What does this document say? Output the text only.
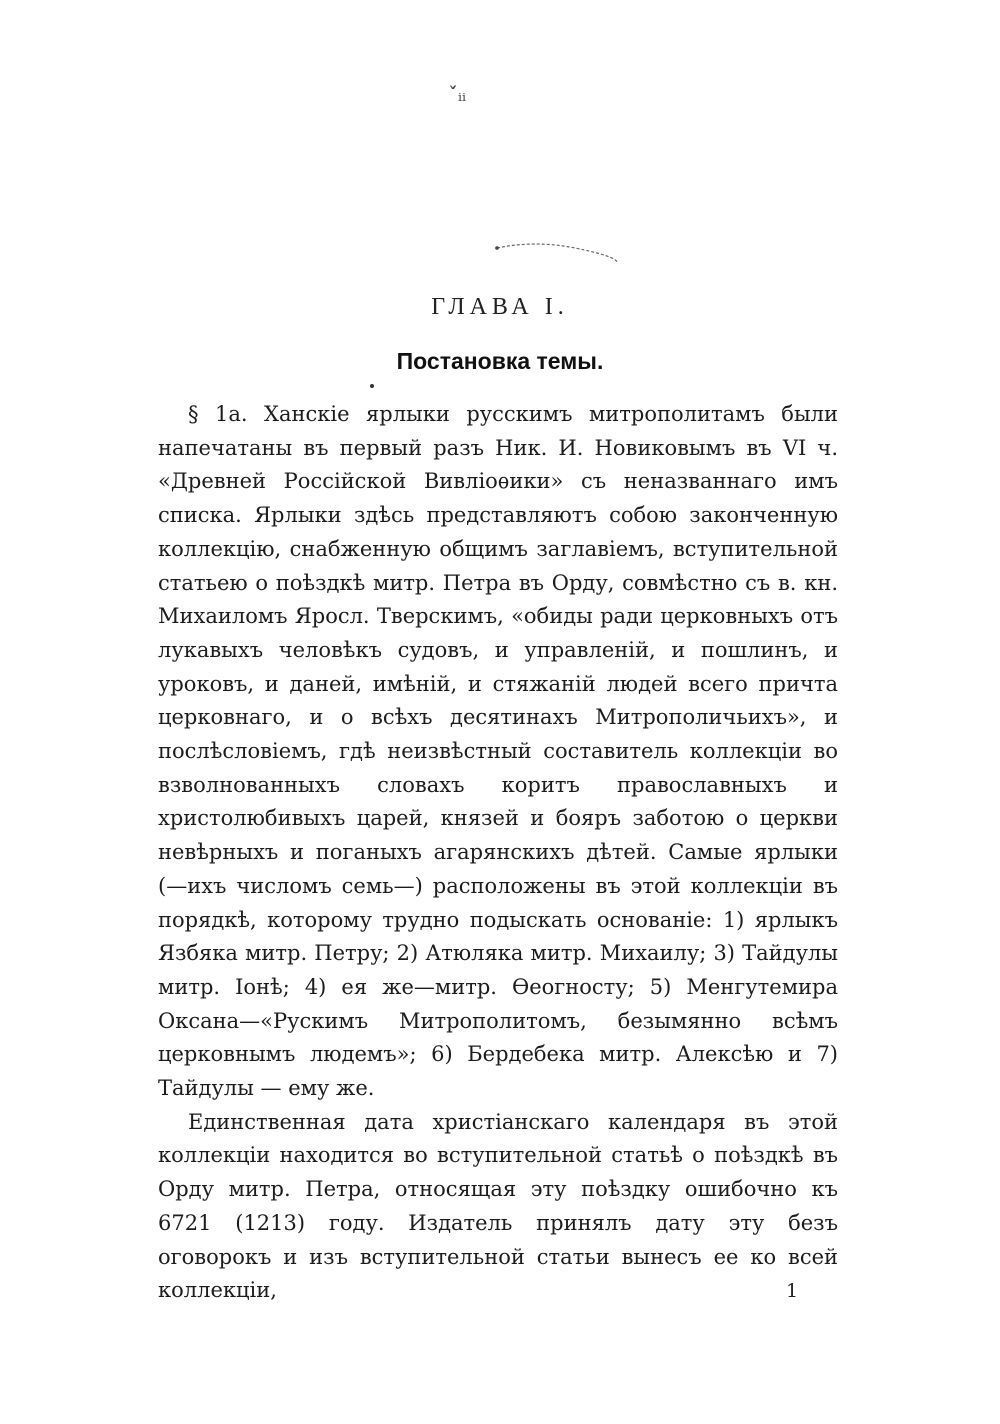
ˇ́ᵢᵢ
ГЛАВА I.
Постановка темы.

§ 1а. Ханскіе ярлыки русскимъ митрополитамъ были напечатаны въ первый разъ Ник. И. Новиковымъ въ VI ч. «Древней Россійской Вивліоѳики» съ неназваннаго имъ списка. Ярлыки здѣсь представляютъ собою законченную коллекцію, снабженную общимъ заглавіемъ, вступительной статьею о поѣздкѣ митр. Петра въ Орду, совмѣстно съ в. кн. Михаиломъ Яросл. Тверскимъ, «обиды ради церковныхъ отъ лукавыхъ человѣкъ судовъ, и управленій, и пошлинъ, и уроковъ, и даней, имѣній, и стяжаній людей всего причта церковнаго, и о всѣхъ десятинахъ Митрополичьихъ», и послѣсловіемъ, гдѣ неизвѣстный составитель коллекціи во взволнованныхъ словахъ коритъ православныхъ и христолюбивыхъ царей, князей и бояръ заботою о церкви невѣрныхъ и поганыхъ агарянскихъ дѣтей. Самые ярлыки (—ихъ числомъ семь—) расположены въ этой коллекціи въ порядкѣ, которому трудно подыскать основаніе: 1) ярлыкъ Язбяка митр. Петру; 2) Атюляка митр. Михаилу; 3) Тайдулы митр. Іонѣ; 4) ея же—митр. Ѳеогносту; 5) Менгутемира Оксана—«Рускимъ Митрополитомъ, безымянно всѣмъ церковнымъ людемъ»; 6) Бердебека митр. Алексѣю и 7) Тайдулы — ему же.

Единственная дата христіанскаго календаря въ этой коллекціи находится во вступительной статьѣ о поѣздкѣ въ Орду митр. Петра, относящая эту поѣздку ошибочно къ 6721 (1213) году. Издатель принялъ дату эту безъ оговорокъ и изъ вступительной статьи вынесъ ее ко всей коллекціи,	1
